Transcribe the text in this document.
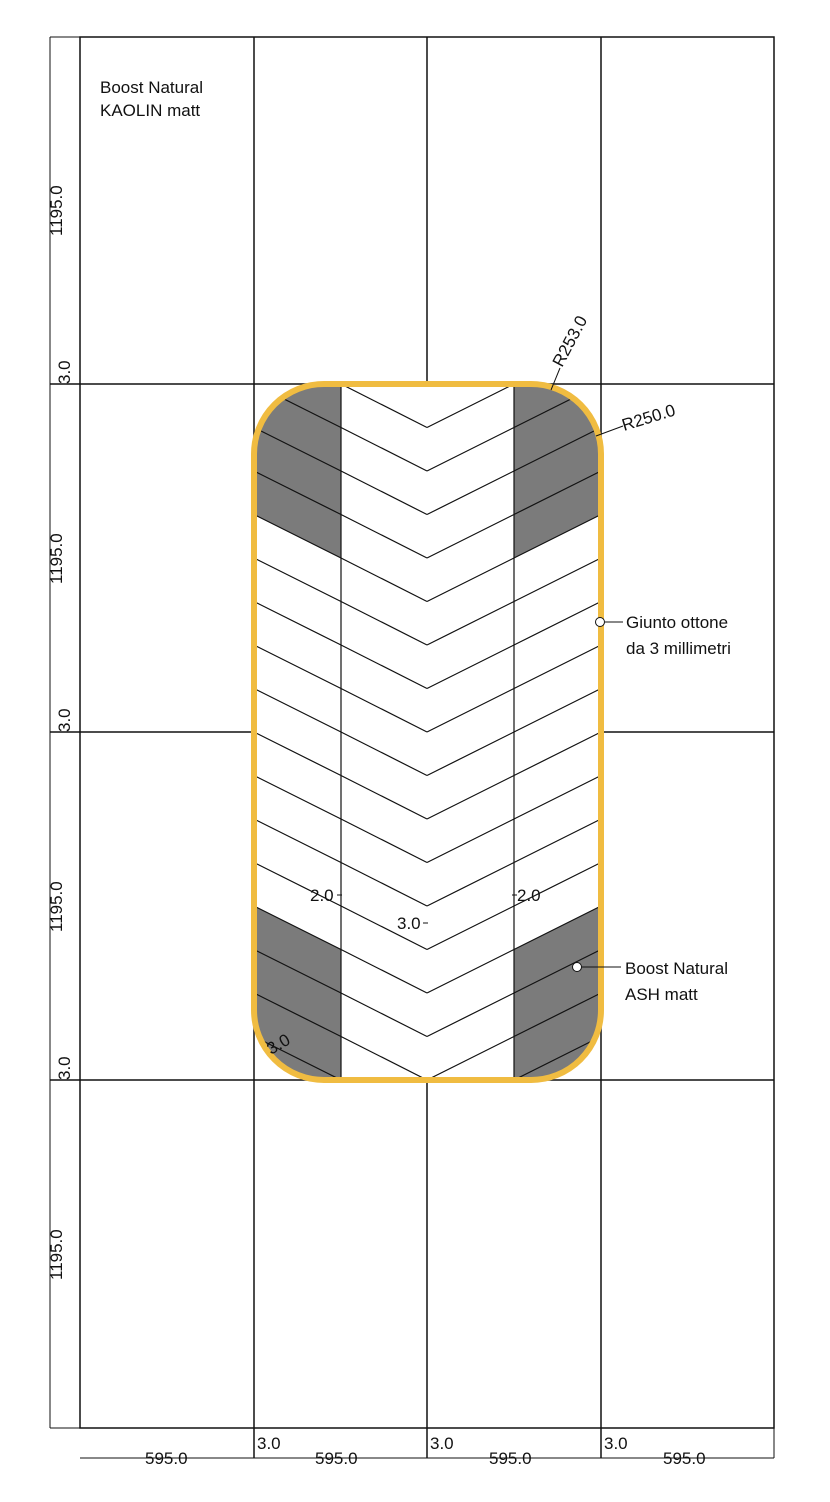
R253.0
R250.0
Boost Natural
KAOLIN matt
Giunto ottone
da 3 millimetri
Boost Natural
ASH matt
2.0	2.0
3.0
3.0
1195.0
3.0
1195.0
3.0
1195.0
3.0
1195.0
595.0
3.0
595.0
3.0
595.0
3.0
595.0
